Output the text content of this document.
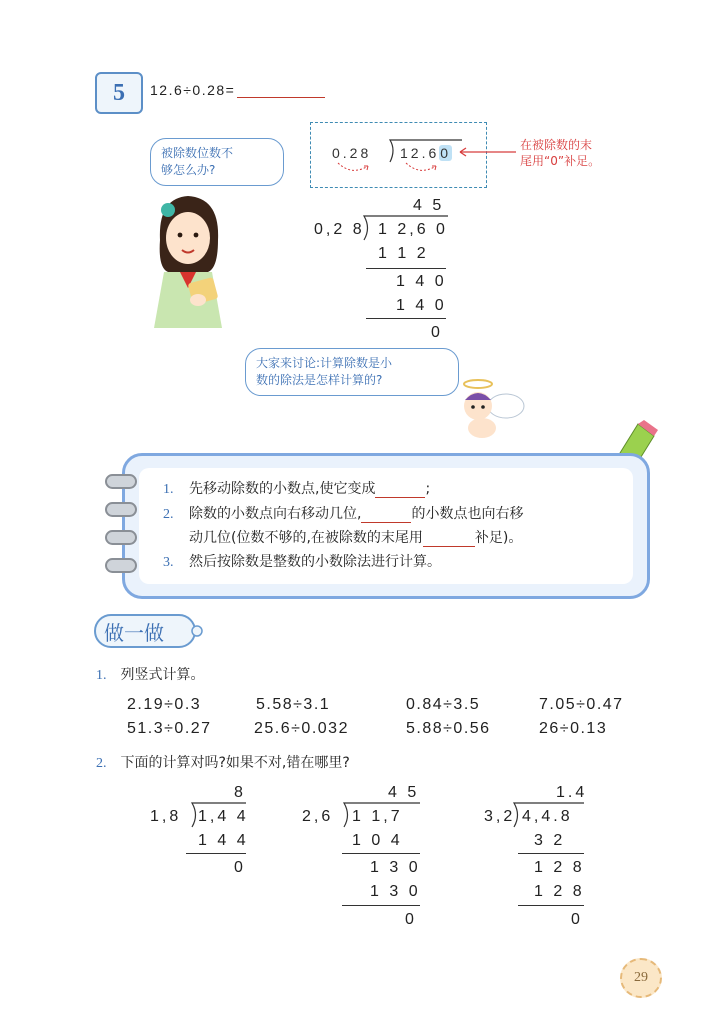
5 12.6÷0.28=
被除数位数不
够怎么办?
0.28 12.60	在被除数的末
尾用“0”补足。
4 5
0,2 8 1 2,6 0
1 1 2
1 4 0
1 4 0
0
大家来讨论:计算除数是小
数的除法是怎样计算的?
1. 先移动除数的小数点,使它变成	;
2. 除数的小数点向右移动几位,	的小数点也向右移
动几位(位数不够的,在被除数的末尾用	补足)。
3. 然后按除数是整数的小数除法进行计算。
做一做
1. 列竖式计算。
2.19÷0.3	5.58÷3.1	0.84÷3.5	7.05÷0.47
51.3÷0.27	25.6÷0.032	5.88÷0.56	26÷0.13
2. 下面的计算对吗?如果不对,错在哪里?
8
1,8 1,4 4
1 4 4
0
4 5
2,6 1 1,7
1 0 4
1 3 0
1 3 0
0
1.4
3,2 4,4.8
3 2
1 2 8
1 2 8
0
29
